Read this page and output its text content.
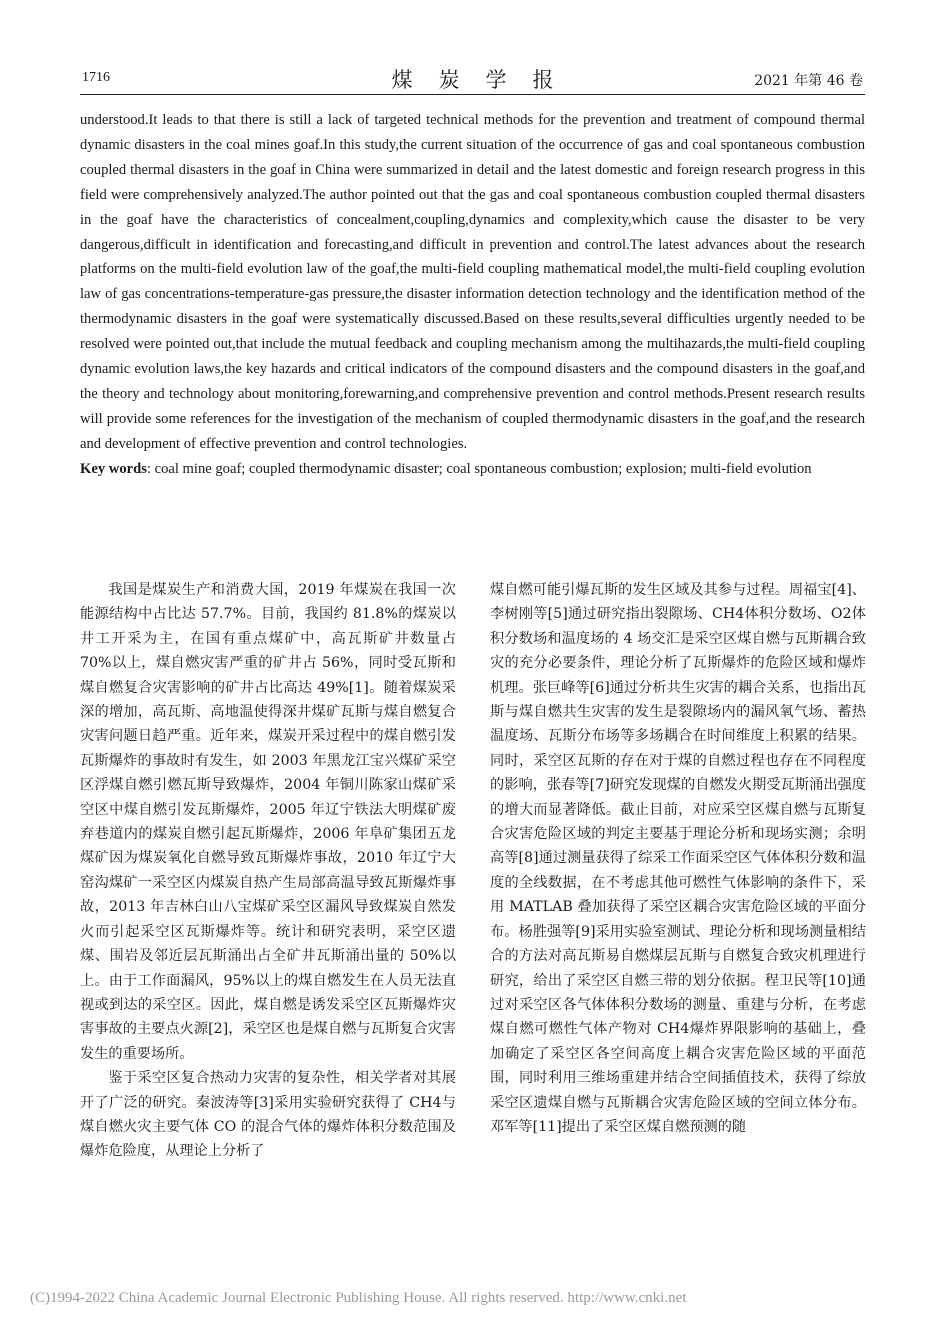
1716	煤炭学报	2021 年第 46 卷

understood.It leads to that there is still a lack of targeted technical methods for the prevention and treatment of compound thermal dynamic disasters in the coal mines goaf.In this study,the current situation of the occurrence of gas and coal spontaneous combustion coupled thermal disasters in the goaf in China were summarized in detail and the latest domestic and foreign research progress in this field were comprehensively analyzed.The author pointed out that the gas and coal spontaneous combustion coupled thermal disasters in the goaf have the characteristics of concealment,coupling,dynamics and complexity,which cause the disaster to be very dangerous,difficult in identification and forecasting,and difficult in prevention and control.The latest advances about the research platforms on the multi-field evolution law of the goaf,the multi-field coupling mathematical model,the multi-field coupling evolution law of gas concentrations-temperature-gas pressure,the disaster information detection technology and the identification method of the thermodynamic disasters in the goaf were systematically discussed.Based on these results,several difficulties urgently needed to be resolved were pointed out,that include the mutual feedback and coupling mechanism among the multihazards,the multi-field coupling dynamic evolution laws,the key hazards and critical indicators of the compound disasters and the compound disasters in the goaf,and the theory and technology about monitoring,forewarning,and comprehensive prevention and control methods.Present research results will provide some references for the investigation of the mechanism of coupled thermodynamic disasters in the goaf,and the research and development of effective prevention and control technologies.

Key words: coal mine goaf; coupled thermodynamic disaster; coal spontaneous combustion; explosion; multi-field evolution

我国是煤炭生产和消费大国，2019 年煤炭在我国一次能源结构中占比达 57.7%。目前，我国约 81.8%的煤炭以井工开采为主，在国有重点煤矿中，高瓦斯矿井数量占 70%以上，煤自燃灾害严重的矿井占 56%，同时受瓦斯和煤自燃复合灾害影响的矿井占比高达 49%[1]。随着煤炭采深的增加，高瓦斯、高地温使得深井煤矿瓦斯与煤自燃复合灾害问题日趋严重。近年来，煤炭开采过程中的煤自燃引发瓦斯爆炸的事故时有发生，如 2003 年黑龙江宝兴煤矿采空区浮煤自燃引燃瓦斯导致爆炸，2004 年铜川陈家山煤矿采空区中煤自燃引发瓦斯爆炸，2005 年辽宁铁法大明煤矿废弃巷道内的煤炭自燃引起瓦斯爆炸，2006 年阜矿集团五龙煤矿因为煤炭氧化自燃导致瓦斯爆炸事故，2010 年辽宁大窑沟煤矿一采空区内煤炭自热产生局部高温导致瓦斯爆炸事故，2013 年吉林白山八宝煤矿采空区漏风导致煤炭自然发火而引起采空区瓦斯爆炸等。统计和研究表明，采空区遗煤、围岩及邻近层瓦斯涌出占全矿井瓦斯涌出量的 50%以上。由于工作面漏风，95%以上的煤自燃发生在人员无法直视或到达的采空区。因此，煤自燃是诱发采空区瓦斯爆炸灾害事故的主要点火源[2]，采空区也是煤自燃与瓦斯复合灾害发生的重要场所。

鉴于采空区复合热动力灾害的复杂性，相关学者对其展开了广泛的研究。秦波涛等[3]采用实验研究获得了 CH4与煤自燃火灾主要气体 CO 的混合气体的爆炸体积分数范围及爆炸危险度，从理论上分析了

煤自燃可能引爆瓦斯的发生区域及其参与过程。周福宝[4]、李树刚等[5]通过研究指出裂隙场、CH4体积分数场、O2体积分数场和温度场的 4 场交汇是采空区煤自燃与瓦斯耦合致灾的充分必要条件，理论分析了瓦斯爆炸的危险区域和爆炸机理。张巨峰等[6]通过分析共生灾害的耦合关系，也指出瓦斯与煤自燃共生灾害的发生是裂隙场内的漏风氧气场、蓄热温度场、瓦斯分布场等多场耦合在时间维度上积累的结果。同时，采空区瓦斯的存在对于煤的自燃过程也存在不同程度的影响，张春等[7]研究发现煤的自燃发火期受瓦斯涌出强度的增大而显著降低。截止目前，对应采空区煤自燃与瓦斯复合灾害危险区域的判定主要基于理论分析和现场实测；余明高等[8]通过测量获得了综采工作面采空区气体体积分数和温度的全线数据，在不考虑其他可燃性气体影响的条件下，采用 MATLAB 叠加获得了采空区耦合灾害危险区域的平面分布。杨胜强等[9]采用实验室测试、理论分析和现场测量相结合的方法对高瓦斯易自燃煤层瓦斯与自燃复合致灾机理进行研究，给出了采空区自燃三带的划分依据。程卫民等[10]通过对采空区各气体体积分数场的测量、重建与分析，在考虑煤自燃可燃性气体产物对 CH4爆炸界限影响的基础上，叠加确定了采空区各空间高度上耦合灾害危险区域的平面范围，同时利用三维场重建并结合空间插值技术，获得了综放采空区遗煤自燃与瓦斯耦合灾害危险区域的空间立体分布。邓军等[11]提出了采空区煤自燃预测的随

(C)1994-2022 China Academic Journal Electronic Publishing House. All rights reserved. http://www.cnki.net
